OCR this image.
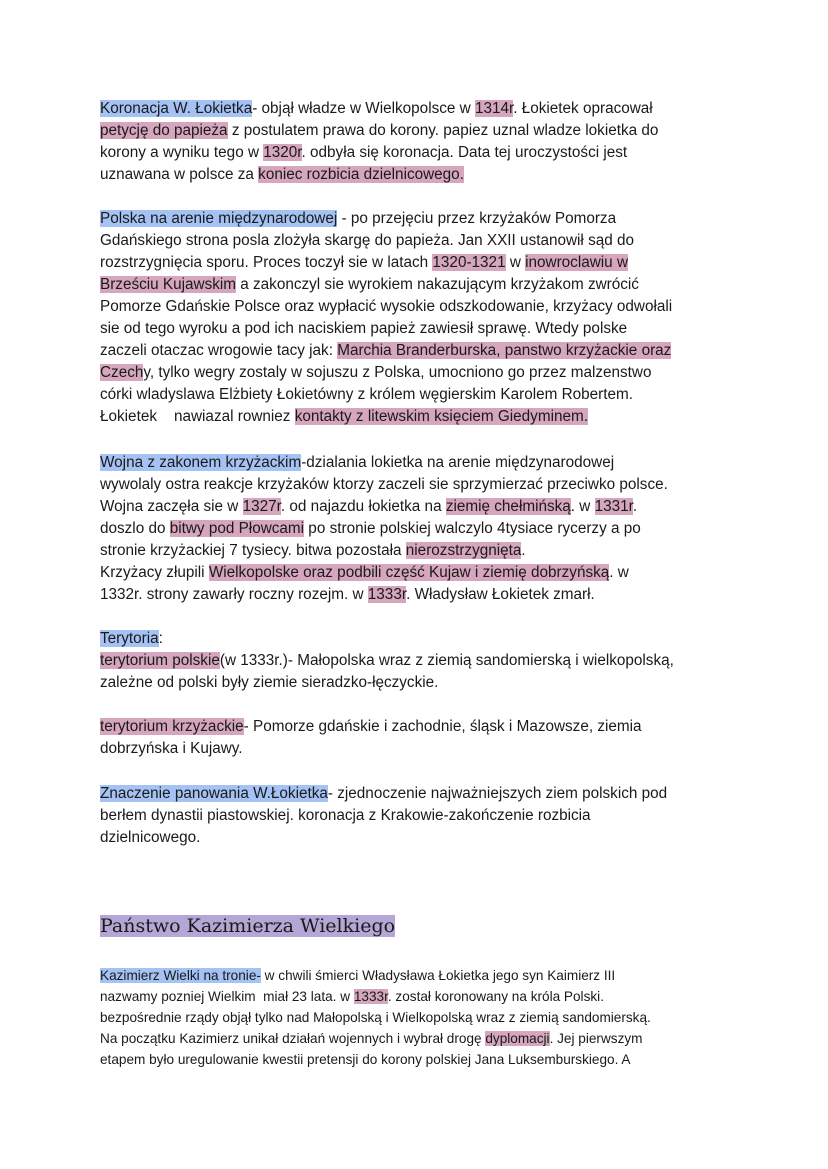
Koronacja W. Łokietka- objął władze w Wielkopolsce w 1314r. Łokietek opracował
petycję do papieża z postulatem prawa do korony. papiez uznal wladze lokietka do
korony a wyniku tego w 1320r. odbyła się koronacja. Data tej uroczystości jest
uznawana w polsce za koniec rozbicia dzielnicowego.

Polska na arenie międzynarodowej - po przejęciu przez krzyżaków Pomorza
Gdańskiego strona posla zlożyła skargę do papieża. Jan XXII ustanowił sąd do
rozstrzygnięcia sporu. Proces toczył sie w latach 1320-1321 w inowroclawiu w
Brześciu Kujawskim a zakonczyl sie wyrokiem nakazującym krzyżakom zwrócić
Pomorze Gdańskie Polsce oraz wypłacić wysokie odszkodowanie, krzyżacy odwołali
sie od tego wyroku a pod ich naciskiem papież zawiesił sprawę. Wtedy polske
zaczeli otaczac wrogowie tacy jak: Marchia Branderburska, panstwo krzyżackie oraz
Czechy, tylko wegry zostaly w sojuszu z Polska, umocniono go przez malzenstwo
córki wladyslawa Elżbiety Łokietówny z królem węgierskim Karolem Robertem.
Łokietek    nawiazal rowniez kontakty z litewskim księciem Giedyminem.

Wojna z zakonem krzyżackim-dzialania lokietka na arenie międzynarodowej
wywolaly ostra reakcje krzyżaków ktorzy zaczeli sie sprzymierzać przeciwko polsce.
Wojna zaczęła sie w 1327r. od najazdu łokietka na ziemię chełmińską. w 1331r.
doszlo do bitwy pod Płowcami po stronie polskiej walczylo 4tysiace rycerzy a po
stronie krzyżackiej 7 tysiecy. bitwa pozostała nierozstrzygnięta.
Krzyżacy złupili Wielkopolske oraz podbili część Kujaw i ziemię dobrzyńską. w
1332r. strony zawarły roczny rozejm. w 1333r. Władysław Łokietek zmarł.

Terytoria:
terytorium polskie(w 1333r.)- Małopolska wraz z ziemią sandomierską i wielkopolską,
zależne od polski były ziemie sieradzko-łęczyckie.

terytorium krzyżackie- Pomorze gdańskie i zachodnie, śląsk i Mazowsze, ziemia
dobrzyńska i Kujawy.

Znaczenie panowania W.Łokietka- zjednoczenie najważniejszych ziem polskich pod
berłem dynastii piastowskiej. koronacja z Krakowie-zakończenie rozbicia
dzielnicowego.

Państwo Kazimierza Wielkiego

Kazimierz Wielki na tronie- w chwili śmierci Władysława Łokietka jego syn Kaimierz III
nazwamy pozniej Wielkim  miał 23 lata. w 1333r. został koronowany na króla Polski.
bezpośrednie rządy objął tylko nad Małopolską i Wielkopolską wraz z ziemią sandomierską.
Na początku Kazimierz unikał działań wojennych i wybrał drogę dyplomacji. Jej pierwszym
etapem było uregulowanie kwestii pretensji do korony polskiej Jana Luksemburskiego. A
